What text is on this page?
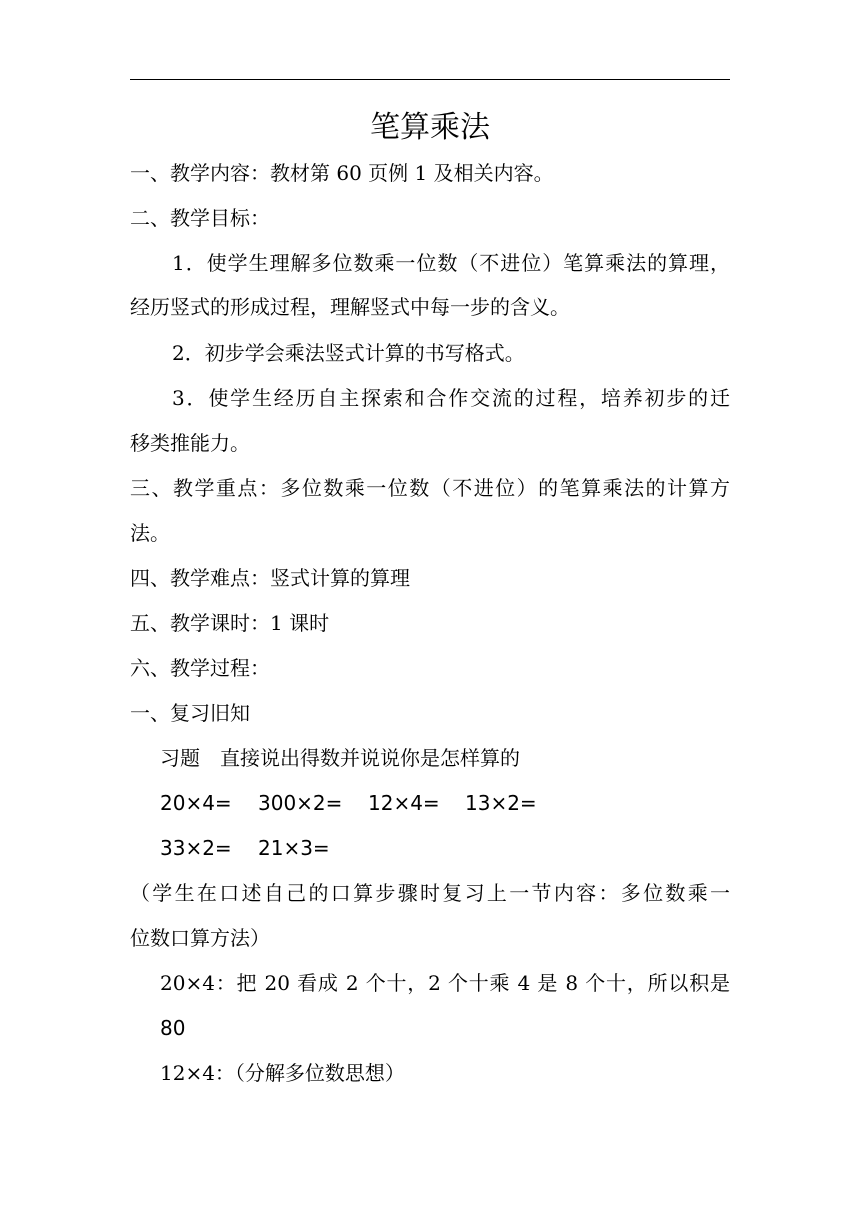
笔算乘法
一、教学内容：教材第 60 页例 1 及相关内容。
二、教学目标：
1．使学生理解多位数乘一位数（不进位）笔算乘法的算理，
经历竖式的形成过程，理解竖式中每一步的含义。
2．初步学会乘法竖式计算的书写格式。
3．使学生经历自主探索和合作交流的过程，培养初步的迁
移类推能力。
三、教学重点：多位数乘一位数（不进位）的笔算乘法的计算方
法。
四、教学难点：竖式计算的算理
五、教学课时：1 课时
六、教学过程：
一、复习旧知
习题　直接说出得数并说说你是怎样算的
20×4= 300×2= 12×4= 13×2=
33×2= 21×3=
（学生在口述自己的口算步骤时复习上一节内容：多位数乘一
位数口算方法）
20×4：把 20 看成 2 个十，2 个十乘 4 是 8 个十，所以积是
80
12×4：（分解多位数思想）
